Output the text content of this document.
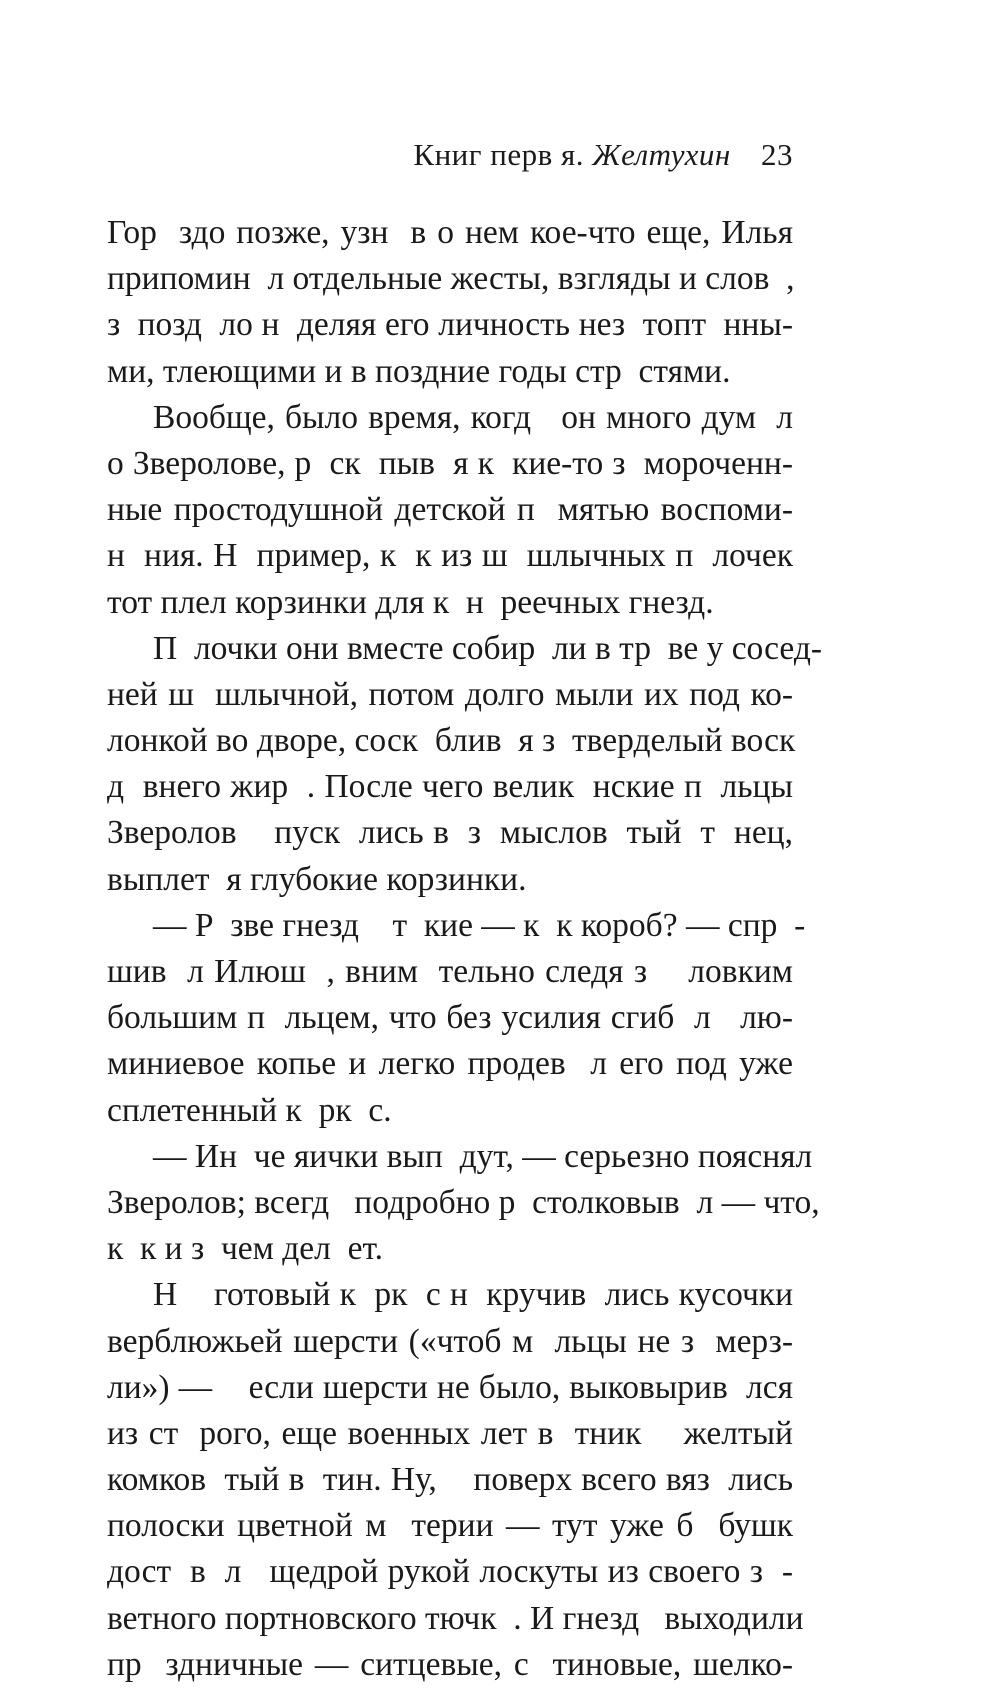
Книг перв я. Желтухин 23
Гор  здо позже, узн  в о нем кое-что еще, Илья
припомин  л отдельные жесты, взгляды и слов  ,
з  позд  ло н  деляя его личность нез  топт  нны-
ми, тлеющими и в поздние годы стр  стями.
Вообще, было время, когд   он много дум  л
о Зверолове, р  ск  пыв  я к  кие-то з  мороченн-
ные простодушной детской п  мятью воспоми-
н  ния. Н  пример, к  к из ш  шлычных п  лочек
тот плел корзинки для к  н  реечных гнезд.
П  лочки они вместе собир  ли в тр  ве у сосед-
ней ш  шлычной, потом долго мыли их под ко-
лонкой во дворе, соск  блив  я з  тверделый воск
д  внего жир  . После чего велик  нские п  льцы
Зверолов    пуск  лись в  з  мыслов  тый  т  нец,
выплет  я глубокие корзинки.
— Р  зве гнезд    т  кие — к  к короб? — спр  -
шив  л Илюш  , вним  тельно следя з    ловким
большим п  льцем, что без усилия сгиб  л   лю-
миниевое копье и легко продев  л его под уже
сплетенный к  рк  с.
— Ин  че яички вып  дут, — серьезно пояснял
Зверолов; всегд   подробно р  столковыв  л — что,
к  к и з  чем дел  ет.
Н    готовый к  рк  с н  кручив  лись кусочки
верблюжьей шерсти («чтоб м  льцы не з  мерз-
ли») —    если шерсти не было, выковырив  лся
из ст  рого, еще военных лет в  тник    желтый
комков  тый в  тин. Ну,    поверх всего вяз  лись
полоски цветной м  терии — тут уже б  бушк
дост  в  л   щедрой рукой лоскуты из своего з  -
ветного портновского тючк  . И гнезд   выходили
пр  здничные — ситцевые, с  тиновые, шелко-
